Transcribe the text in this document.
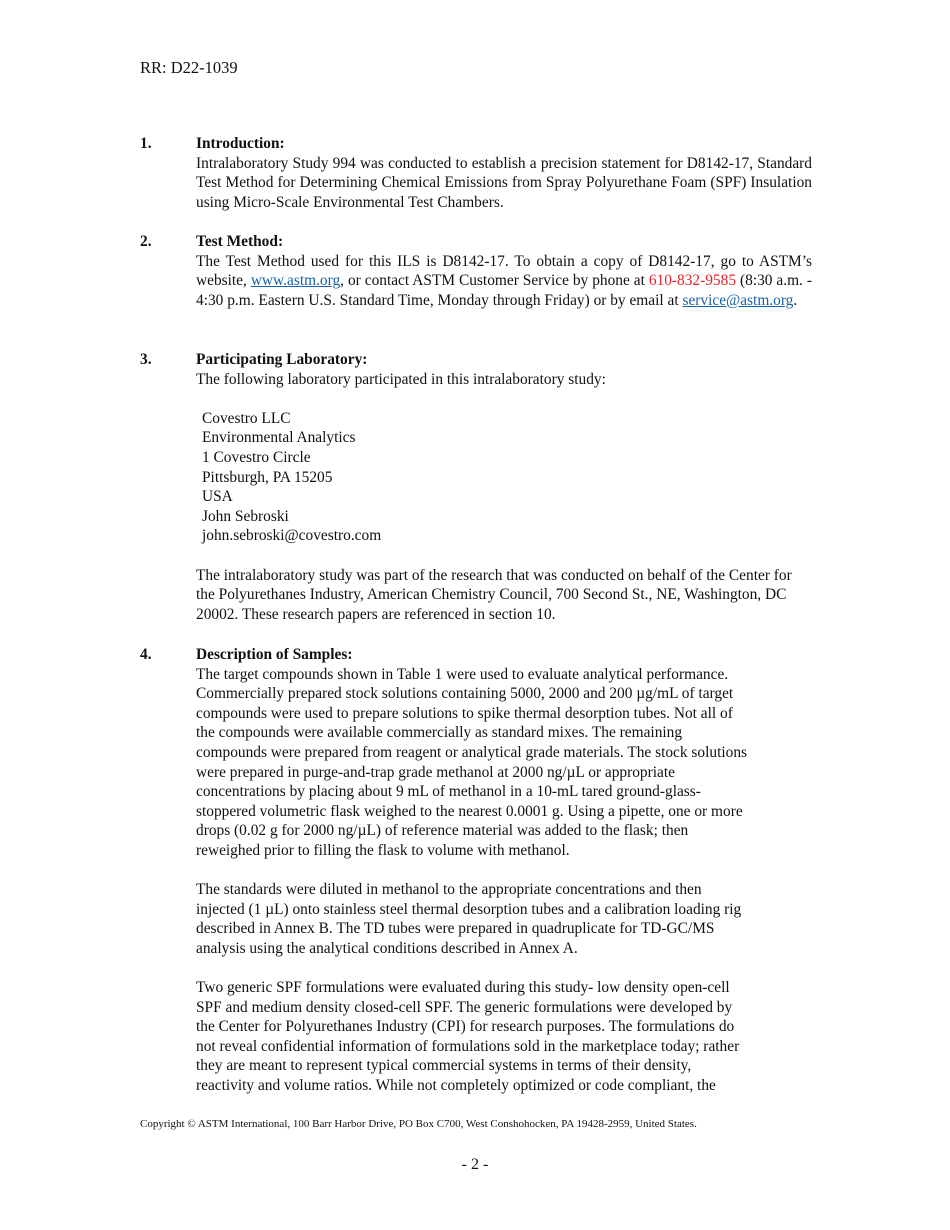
RR: D22-1039
1.	Introduction:

Intralaboratory Study 994 was conducted to establish a precision statement for D8142-17, Standard Test Method for Determining Chemical Emissions from Spray Polyurethane Foam (SPF) Insulation using Micro-Scale Environmental Test Chambers.

2.	Test Method:

The Test Method used for this ILS is D8142-17. To obtain a copy of D8142-17, go to ASTM’s website, www.astm.org, or contact ASTM Customer Service by phone at 610-832-9585 (8:30 a.m. - 4:30 p.m. Eastern U.S. Standard Time, Monday through Friday) or by email at service@astm.org.

3.	Participating Laboratory:
The following laboratory participated in this intralaboratory study:
Covestro LLC
Environmental Analytics
1 Covestro Circle
Pittsburgh, PA 15205
USA
John Sebroski
john.sebroski@covestro.com

The intralaboratory study was part of the research that was conducted on behalf of the Center for the Polyurethanes Industry, American Chemistry Council, 700 Second St., NE, Washington, DC 20002. These research papers are referenced in section 10.

4.	Description of Samples:
The target compounds shown in Table 1 were used to evaluate analytical performance.
Commercially prepared stock solutions containing 5000, 2000 and 200 µg/mL of target
compounds were used to prepare solutions to spike thermal desorption tubes. Not all of
the compounds were available commercially as standard mixes. The remaining
compounds were prepared from reagent or analytical grade materials. The stock solutions
were prepared in purge-and-trap grade methanol at 2000 ng/µL or appropriate
concentrations by placing about 9 mL of methanol in a 10-mL tared ground-glass-
stoppered volumetric flask weighed to the nearest 0.0001 g. Using a pipette, one or more
drops (0.02 g for 2000 ng/µL) of reference material was added to the flask; then
reweighed prior to filling the flask to volume with methanol.
The standards were diluted in methanol to the appropriate concentrations and then
injected (1 µL) onto stainless steel thermal desorption tubes and a calibration loading rig
described in Annex B. The TD tubes were prepared in quadruplicate for TD-GC/MS
analysis using the analytical conditions described in Annex A.
Two generic SPF formulations were evaluated during this study- low density open-cell
SPF and medium density closed-cell SPF. The generic formulations were developed by
the Center for Polyurethanes Industry (CPI) for research purposes. The formulations do
not reveal confidential information of formulations sold in the marketplace today; rather
they are meant to represent typical commercial systems in terms of their density,
reactivity and volume ratios. While not completely optimized or code compliant, the
Copyright © ASTM International, 100 Barr Harbor Drive, PO Box C700, West Conshohocken, PA 19428-2959, United States.
- 2 -
